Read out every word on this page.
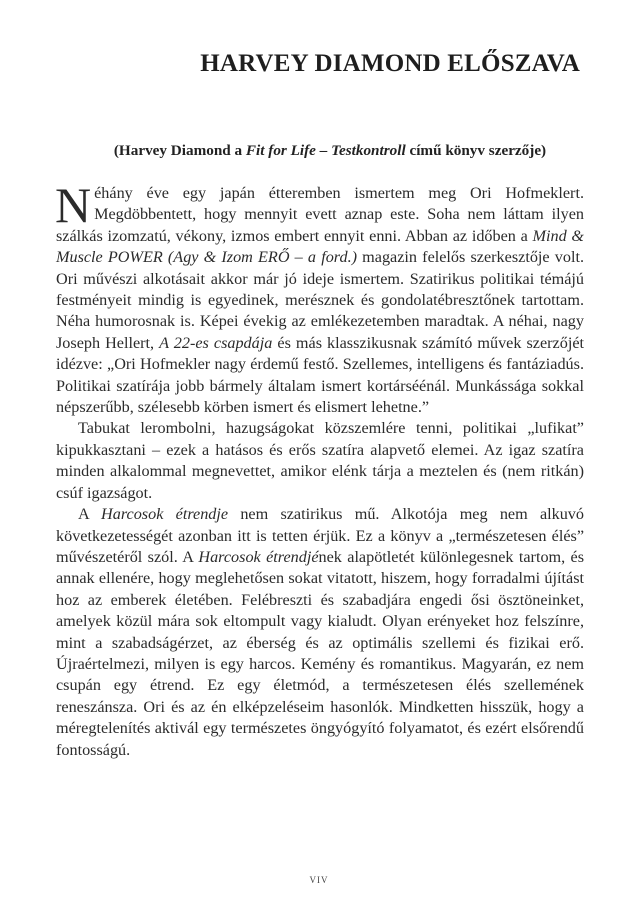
HARVEY DIAMOND ELŐSZAVA

(Harvey Diamond a Fit for Life – Testkontroll című könyv szerzője)

Néhány éve egy japán étteremben ismertem meg Ori Hofmeklert. Megdöbbentett, hogy mennyit evett aznap este. Soha nem láttam ilyen szálkás izomzatú, vékony, izmos embert ennyit enni. Abban az időben a Mind & Muscle POWER (Agy & Izom ERŐ – a ford.) magazin felelős szerkesztője volt. Ori művészi alkotásait akkor már jó ideje ismertem. Szatirikus politikai témájú festményeit mindig is egyedinek, merésznek és gondolatébresztőnek tartottam. Néha humorosnak is. Képei évekig az emlékezetemben maradtak. A néhai, nagy Joseph Hellert, A 22-es csapdája és más klasszikusnak számító művek szerzőjét idézve: „Ori Hofmekler nagy érdemű festő. Szellemes, intelligens és fantáziadús. Politikai szatírája jobb bármely általam ismert kortárséénál. Munkássága sokkal népszerűbb, szélesebb körben ismert és elismert lehetne.”

Tabukat lerombolni, hazugságokat közszemlére tenni, politikai „lufikat” kipukkasztani – ezek a hatásos és erős szatíra alapvető elemei. Az igaz szatíra minden alkalommal megnevettet, amikor elénk tárja a meztelen és (nem ritkán) csúf igazságot.

A Harcosok étrendje nem szatirikus mű. Alkotója meg nem alkuvó következetességét azonban itt is tetten érjük. Ez a könyv a „természetesen élés” művészetéről szól. A Harcosok étrendjének alapötletét különlegesnek tartom, és annak ellenére, hogy meglehetősen sokat vitatott, hiszem, hogy forradalmi újítást hoz az emberek életében. Felébreszti és szabadjára engedi ősi ösztöneinket, amelyek közül mára sok eltompult vagy kialudt. Olyan erényeket hoz felszínre, mint a szabadságérzet, az éberség és az optimális szellemi és fizikai erő. Újraértelmezi, milyen is egy harcos. Kemény és romantikus. Magyarán, ez nem csupán egy étrend. Ez egy életmód, a természetesen élés szellemének reneszánsza. Ori és az én elképzeléseim hasonlók. Mindketten hisszük, hogy a méregtelenítés aktivál egy természetes öngyógyító folyamatot, és ezért elsőrendű fontosságú.

VIV
